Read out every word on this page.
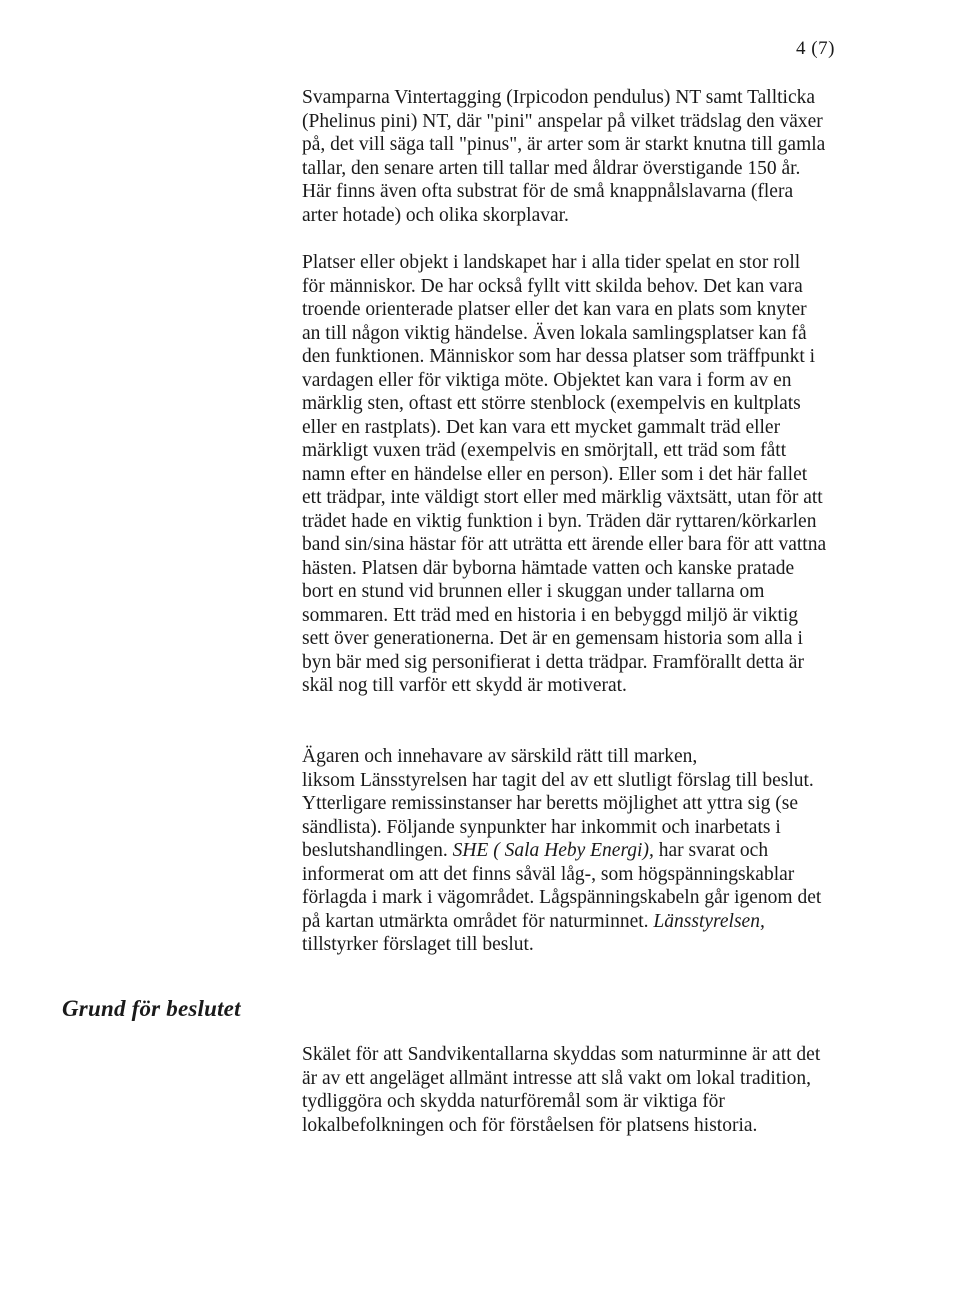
4 (7)

Svamparna Vintertagging (Irpicodon pendulus) NT samt Tallticka
(Phelinus pini) NT, där "pini" anspelar på vilket trädslag den växer
på, det vill säga tall "pinus", är arter som är starkt knutna till gamla
tallar, den senare arten till tallar med åldrar överstigande 150 år.
Här finns även ofta substrat för de små knappnålslavarna (flera
arter hotade) och olika skorplavar.

Platser eller objekt i landskapet har i alla tider spelat en stor roll
för människor. De har också fyllt vitt skilda behov. Det kan vara
troende orienterade platser eller det kan vara en plats som knyter
an till någon viktig händelse. Även lokala samlingsplatser kan få
den funktionen. Människor som har dessa platser som träffpunkt i
vardagen eller för viktiga möte. Objektet kan vara i form av en
märklig sten, oftast ett större stenblock (exempelvis en kultplats
eller en rastplats). Det kan vara ett mycket gammalt träd eller
märkligt vuxen träd (exempelvis en smörjtall, ett träd som fått
namn efter en händelse eller en person). Eller som i det här fallet
ett trädpar, inte väldigt stort eller med märklig växtsätt, utan för att
trädet hade en viktig funktion i byn. Träden där ryttaren/körkarlen
band sin/sina hästar för att uträtta ett ärende eller bara för att vattna
hästen. Platsen där byborna hämtade vatten och kanske pratade
bort en stund vid brunnen eller i skuggan under tallarna om
sommaren. Ett träd med en historia i en bebyggd miljö är viktig
sett över generationerna. Det är en gemensam historia som alla i
byn bär med sig personifierat i detta trädpar. Framförallt detta är
skäl nog till varför ett skydd är motiverat.

Ägaren och innehavare av särskild rätt till marken,
liksom Länsstyrelsen har tagit del av ett slutligt förslag till beslut.
Ytterligare remissinstanser har beretts möjlighet att yttra sig (se
sändlista). Följande synpunkter har inkommit och inarbetats i
beslutshandlingen. SHE ( Sala Heby Energi), har svarat och
informerat om att det finns såväl låg-, som högspänningskablar
förlagda i mark i vägområdet. Lågspänningskabeln går igenom det
på kartan utmärkta området för naturminnet. Länsstyrelsen,
tillstyrker förslaget till beslut.

Grund för beslutet

Skälet för att Sandvikentallarna skyddas som naturminne är att det
är av ett angeläget allmänt intresse att slå vakt om lokal tradition,
tydliggöra och skydda naturföremål som är viktiga för
lokalbefolkningen och för förståelsen för platsens historia.
